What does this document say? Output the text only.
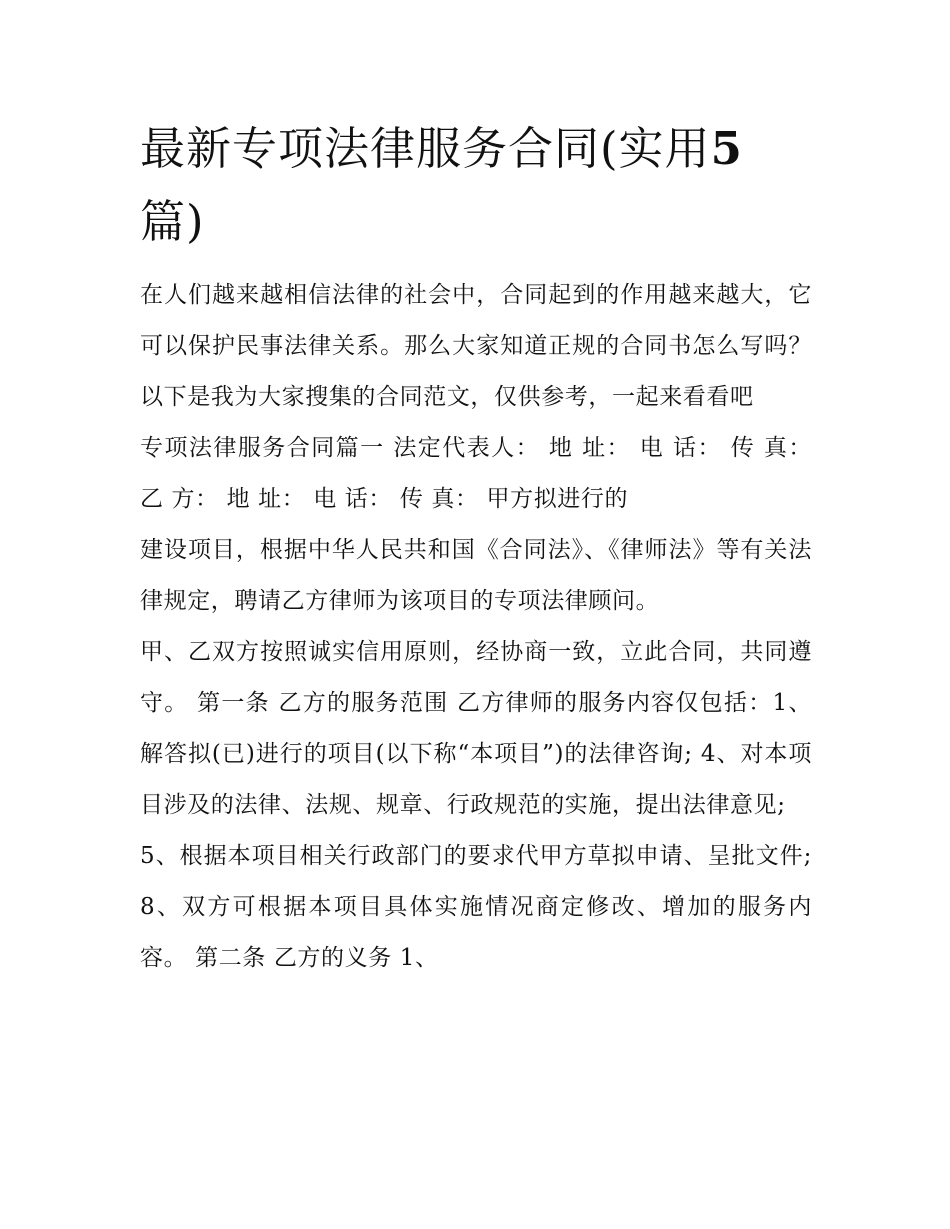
最新专项法律服务合同(实用5
篇)

在人们越来越相信法律的社会中，合同起到的作用越来越大，它可以保护民事法律关系。那么大家知道正规的合同书怎么写吗？以下是我为大家搜集的合同范文，仅供参考，一起来看看吧

专项法律服务合同篇一 法定代表人： 地 址： 电 话： 传 真： 乙 方： 地 址： 电 话： 传 真： 甲方拟进行的

建设项目，根据中华人民共和国《合同法》、《律师法》等有关法律规定，聘请乙方律师为该项目的专项法律顾问。

甲、乙双方按照诚实信用原则，经协商一致，立此合同，共同遵守。 第一条 乙方的服务范围 乙方律师的服务内容仅包括：1、解答拟(已)进行的项目(以下称“本项目”)的法律咨询; 4、对本项目涉及的法律、法规、规章、行政规范的实施，提出法律意见;

5、根据本项目相关行政部门的要求代甲方草拟申请、呈批文件; 8、双方可根据本项目具体实施情况商定修改、增加的服务内容。 第二条 乙方的义务 1、
